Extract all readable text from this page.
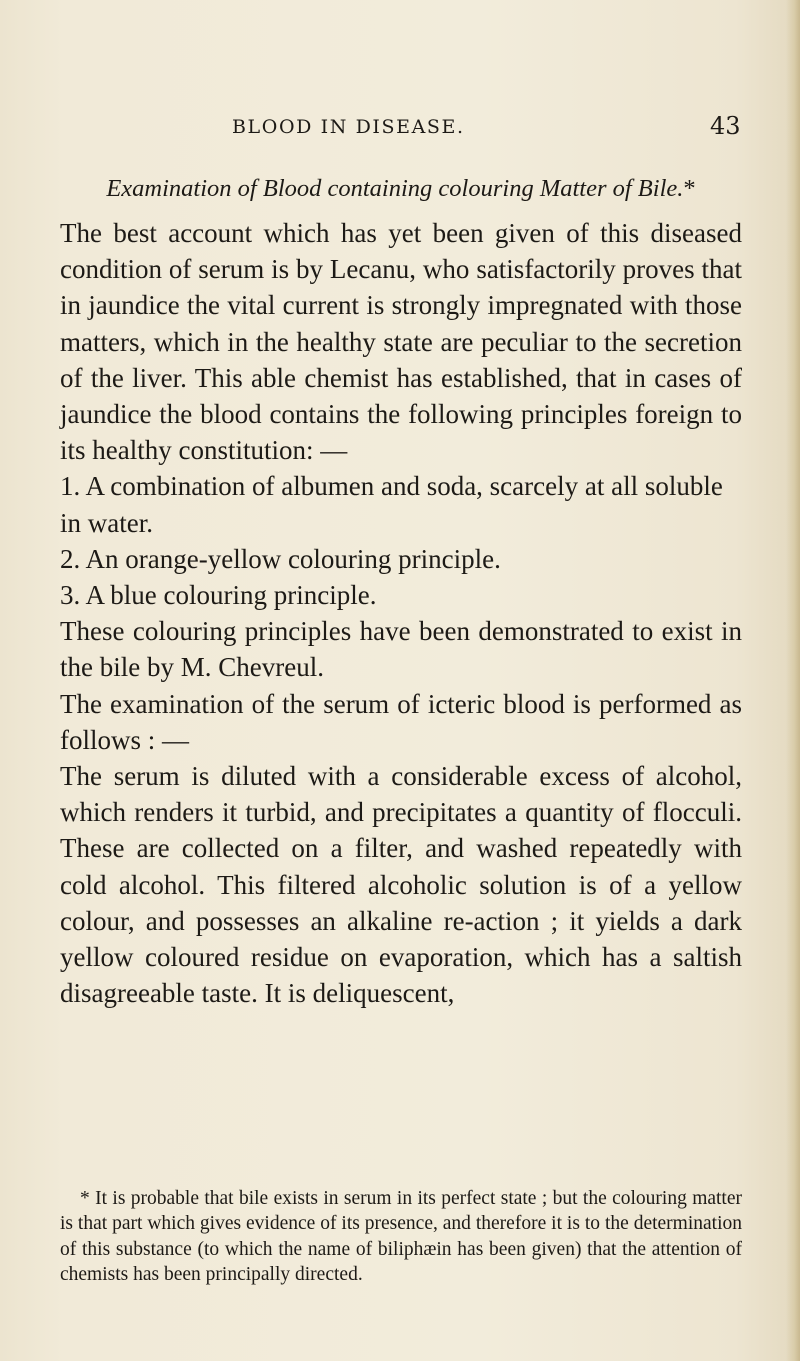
BLOOD IN DISEASE.	43

Examination of Blood containing colouring Matter of Bile.*

The best account which has yet been given of this diseased condition of serum is by Lecanu, who satisfactorily proves that in jaundice the vital current is strongly impregnated with those matters, which in the healthy state are peculiar to the secretion of the liver. This able chemist has established, that in cases of jaundice the blood contains the following principles foreign to its healthy constitution: —

1. A combination of albumen and soda, scarcely at all soluble in water.

2. An orange-yellow colouring principle.

3. A blue colouring principle.

These colouring principles have been demonstrated to exist in the bile by M. Chevreul.

The examination of the serum of icteric blood is performed as follows : —

The serum is diluted with a considerable excess of alcohol, which renders it turbid, and precipitates a quantity of flocculi. These are collected on a filter, and washed repeatedly with cold alcohol. This filtered alcoholic solution is of a yellow colour, and possesses an alkaline re-action ; it yields a dark yellow coloured residue on evaporation, which has a saltish disagreeable taste. It is deliquescent,

* It is probable that bile exists in serum in its perfect state ; but the colouring matter is that part which gives evidence of its presence, and therefore it is to the determination of this substance (to which the name of biliphæin has been given) that the attention of chemists has been principally directed.
